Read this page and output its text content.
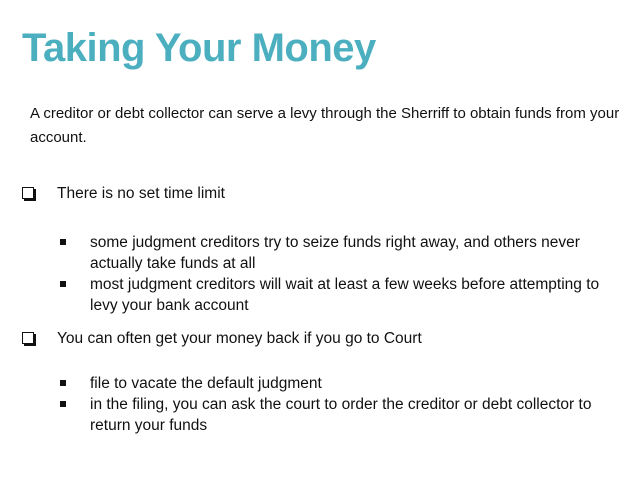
Taking Your Money

A creditor or debt collector can serve a levy through the Sherriff to obtain funds from your account.

There is no set time limit
some judgment creditors try to seize funds right away, and others never actually take funds at all
most judgment creditors will wait at least a few weeks before attempting to levy your bank account
You can often get your money back if you go to Court
file to vacate the default judgment
in the filing, you can ask the court to order the creditor or debt collector to return your funds
